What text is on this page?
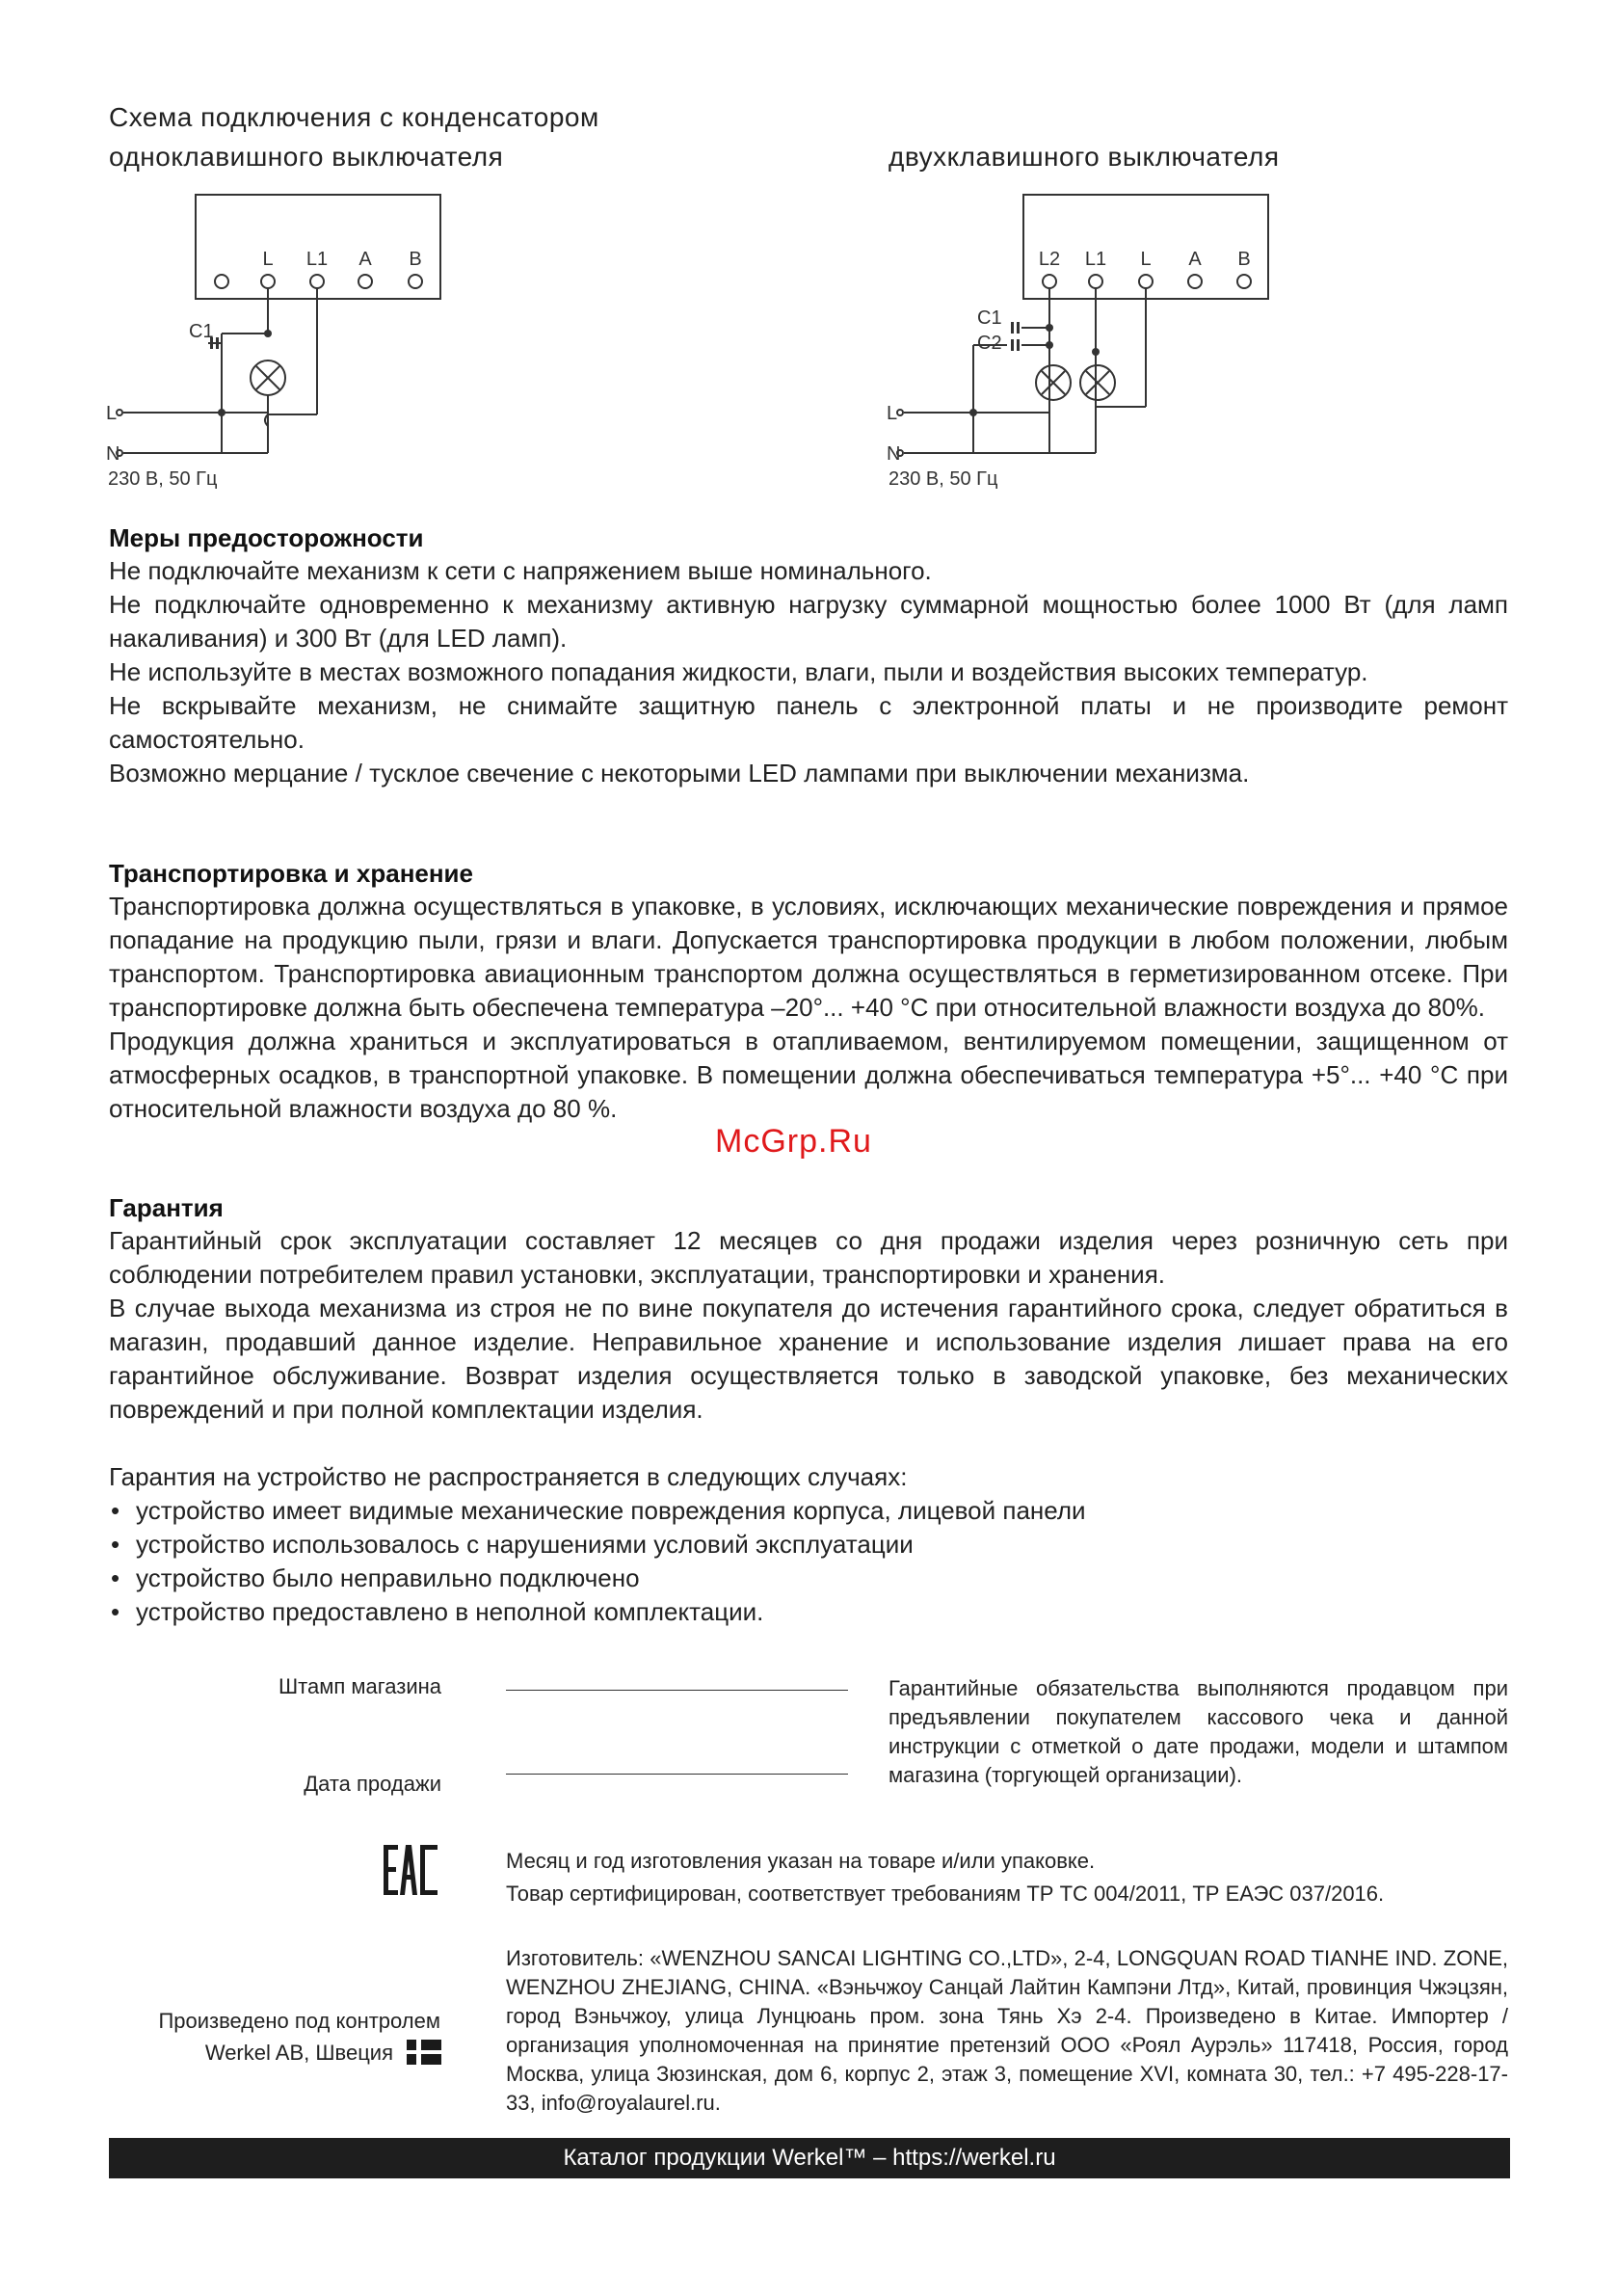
Схема подключения с конденсатором
одноклавишного выключателя	двухклавишного выключателя
L L1 A B
C1
L
N
230 В, 50 Гц
L2 L1 L A B
C1
C2
L
N
230 В, 50 Гц
Меры предосторожности

Не подключайте механизм к сети с напряжением выше номинального.

Не подключайте одновременно к механизму активную нагрузку суммарной мощностью более 1000 Вт (для ламп накаливания) и 300 Вт (для LED ламп).

Не используйте в местах возможного попадания жидкости, влаги, пыли и воздействия высоких температур.

Не вскрывайте механизм, не снимайте защитную панель с электронной платы и не производите ремонт самостоятельно.

Возможно мерцание / тусклое свечение с некоторыми LED лампами при выключении механизма.

Транспортировка и хранение

Транспортировка должна осуществляться в упаковке, в условиях, исключающих механические повреждения и прямое попадание на продукцию пыли, грязи и влаги. Допускается транспортировка продукции в любом положении, любым транспортом. Транспортировка авиационным транспортом должна осуществляться в герметизированном отсеке. При транспортировке должна быть обеспечена температура –20°... +40 °С при относительной влажности воздуха до 80%.

Продукция должна храниться и эксплуатироваться в отапливаемом, вентилируемом помещении, защищенном от атмосферных осадков, в транспортной упаковке. В помещении должна обеспечиваться температура +5°... +40 °С при относительной влажности воздуха до 80 %.

McGrp.Ru
Гарантия

Гарантийный срок эксплуатации составляет 12 месяцев со дня продажи изделия через розничную сеть при соблюдении потребителем правил установки, эксплуатации, транспортировки и хранения.

В случае выхода механизма из строя не по вине покупателя до истечения гарантийного срока, следует обратиться в магазин, продавший данное изделие. Неправильное хранение и использование изделия лишает права на его гарантийное обслуживание. Возврат изделия осуществляется только в заводской упаковке, без механических повреждений и при полной комплектации изделия.

Гарантия на устройство не распространяется в следующих случаях:

• устройство имеет видимые механические повреждения корпуса, лицевой панели
• устройство использовалось с нарушениями условий эксплуатации
• устройство было неправильно подключено
• устройство предоставлено в неполной комплектации.
Штамп магазина
Дата продажи
Гарантийные обязательства выполняются продавцом при предъявлении покупателем кассового чека и данной инструкции с отметкой о дате продажи, модели и штампом магазина (торгующей организации).
Месяц и год изготовления указан на товаре и/или упаковке.
Товар сертифицирован, соответствует требованиям ТР ТС 004/2011, ТР ЕАЭС 037/2016.
Изготовитель: «WENZHOU SANCAI LIGHTING CO.,LTD», 2-4, LONGQUAN ROAD TIANHE IND. ZONE, WENZHOU ZHEJIANG, CHINA. «Вэньчжоу Санцай Лайтин Кампэни Лтд», Китай, провинция Чжэцзян, город Вэньчжоу, улица Лунцюань пром. зона Тянь Хэ 2-4. Произведено в Китае. Импортер / организация уполномоченная на принятие претензий ООО «Роял Аурэль» 117418, Россия, город Москва, улица Зюзинская, дом 6, корпус 2, этаж 3, помещение XVI, комната 30, тел.: +7 495-228-17-33, info@royalaurel.ru.
Произведено под контролем
Werkel AB, Швеция
Каталог продукции Werkel™ – https://werkel.ru
